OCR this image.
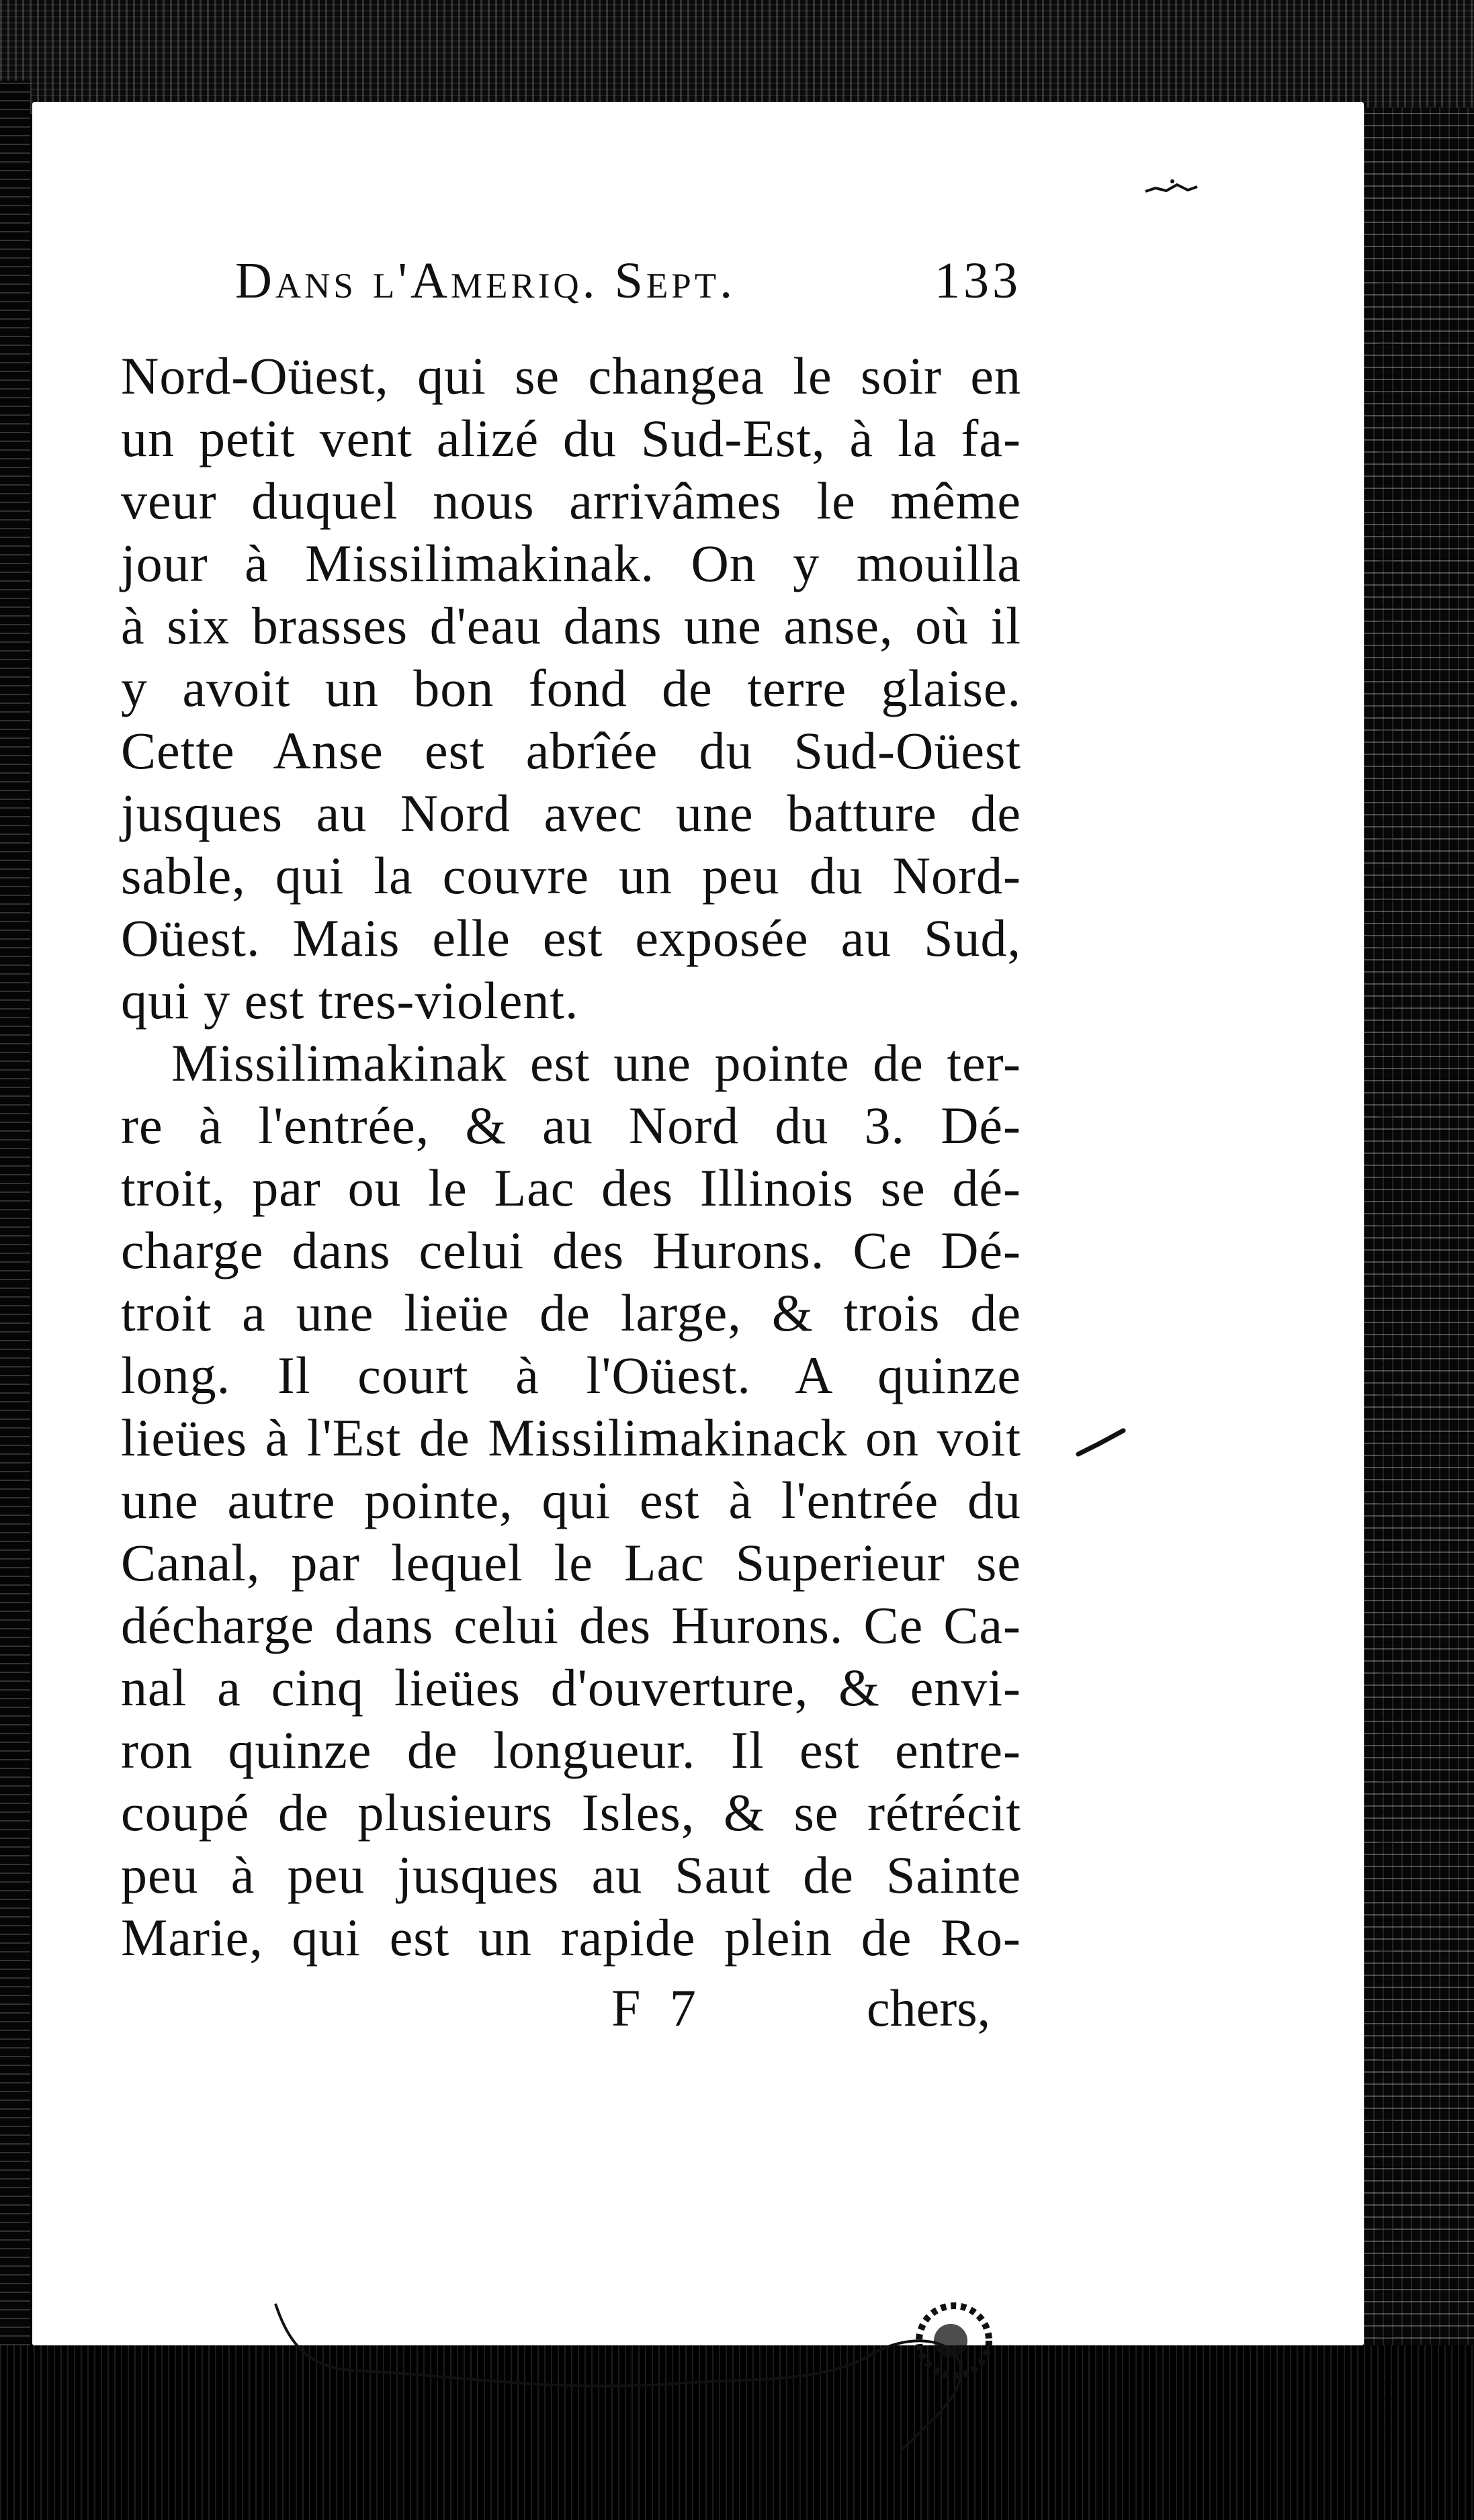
Dans l'Ameriq. Sept.	133
Nord-Oüest, qui se changea le soir en
un petit vent alizé du Sud-Est, à la fa-
veur duquel nous arrivâmes le même
jour à Missilimakinak. On y mouilla
à six brasses d'eau dans une anse, où il
y avoit un bon fond de terre glaise.
Cette Anse est abrîée du Sud-Oüest
jusques au Nord avec une batture de
sable, qui la couvre un peu du Nord-
Oüest. Mais elle est exposée au Sud,
qui y est tres-violent.
Missilimakinak est une pointe de ter-
re à l'entrée, & au Nord du 3. Dé-
troit, par ou le Lac des Illinois se dé-
charge dans celui des Hurons. Ce Dé-
troit a une lieüe de large, & trois de
long. Il court à l'Oüest. A quinze
lieües à l'Est de Missilimakinack on voit
une autre pointe, qui est à l'entrée du
Canal, par lequel le Lac Superieur se
décharge dans celui des Hurons. Ce Ca-
nal a cinq lieües d'ouverture, & envi-
ron quinze de longueur. Il est entre-
coupé de plusieurs Isles, & se rétrécit
peu à peu jusques au Saut de Sainte
Marie, qui est un rapide plein de Ro-
F 7	chers,
